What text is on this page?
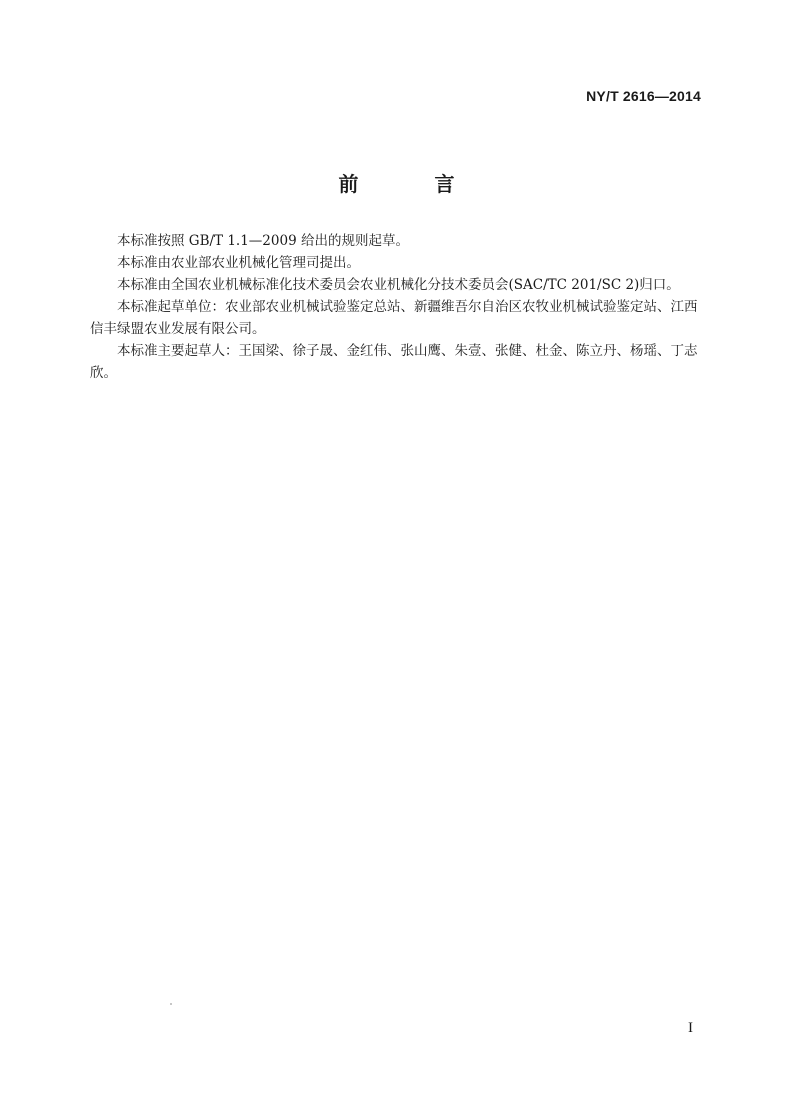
NY/T 2616—2014
前　言

本标准按照 GB/T 1.1—2009 给出的规则起草。

本标准由农业部农业机械化管理司提出。

本标准由全国农业机械标准化技术委员会农业机械化分技术委员会(SAC/TC 201/SC 2)归口。

本标准起草单位：农业部农业机械试验鉴定总站、新疆维吾尔自治区农牧业机械试验鉴定站、江西信丰绿盟农业发展有限公司。

本标准主要起草人：王国梁、徐子晟、金红伟、张山鹰、朱壹、张健、杜金、陈立丹、杨瑶、丁志欣。

I
